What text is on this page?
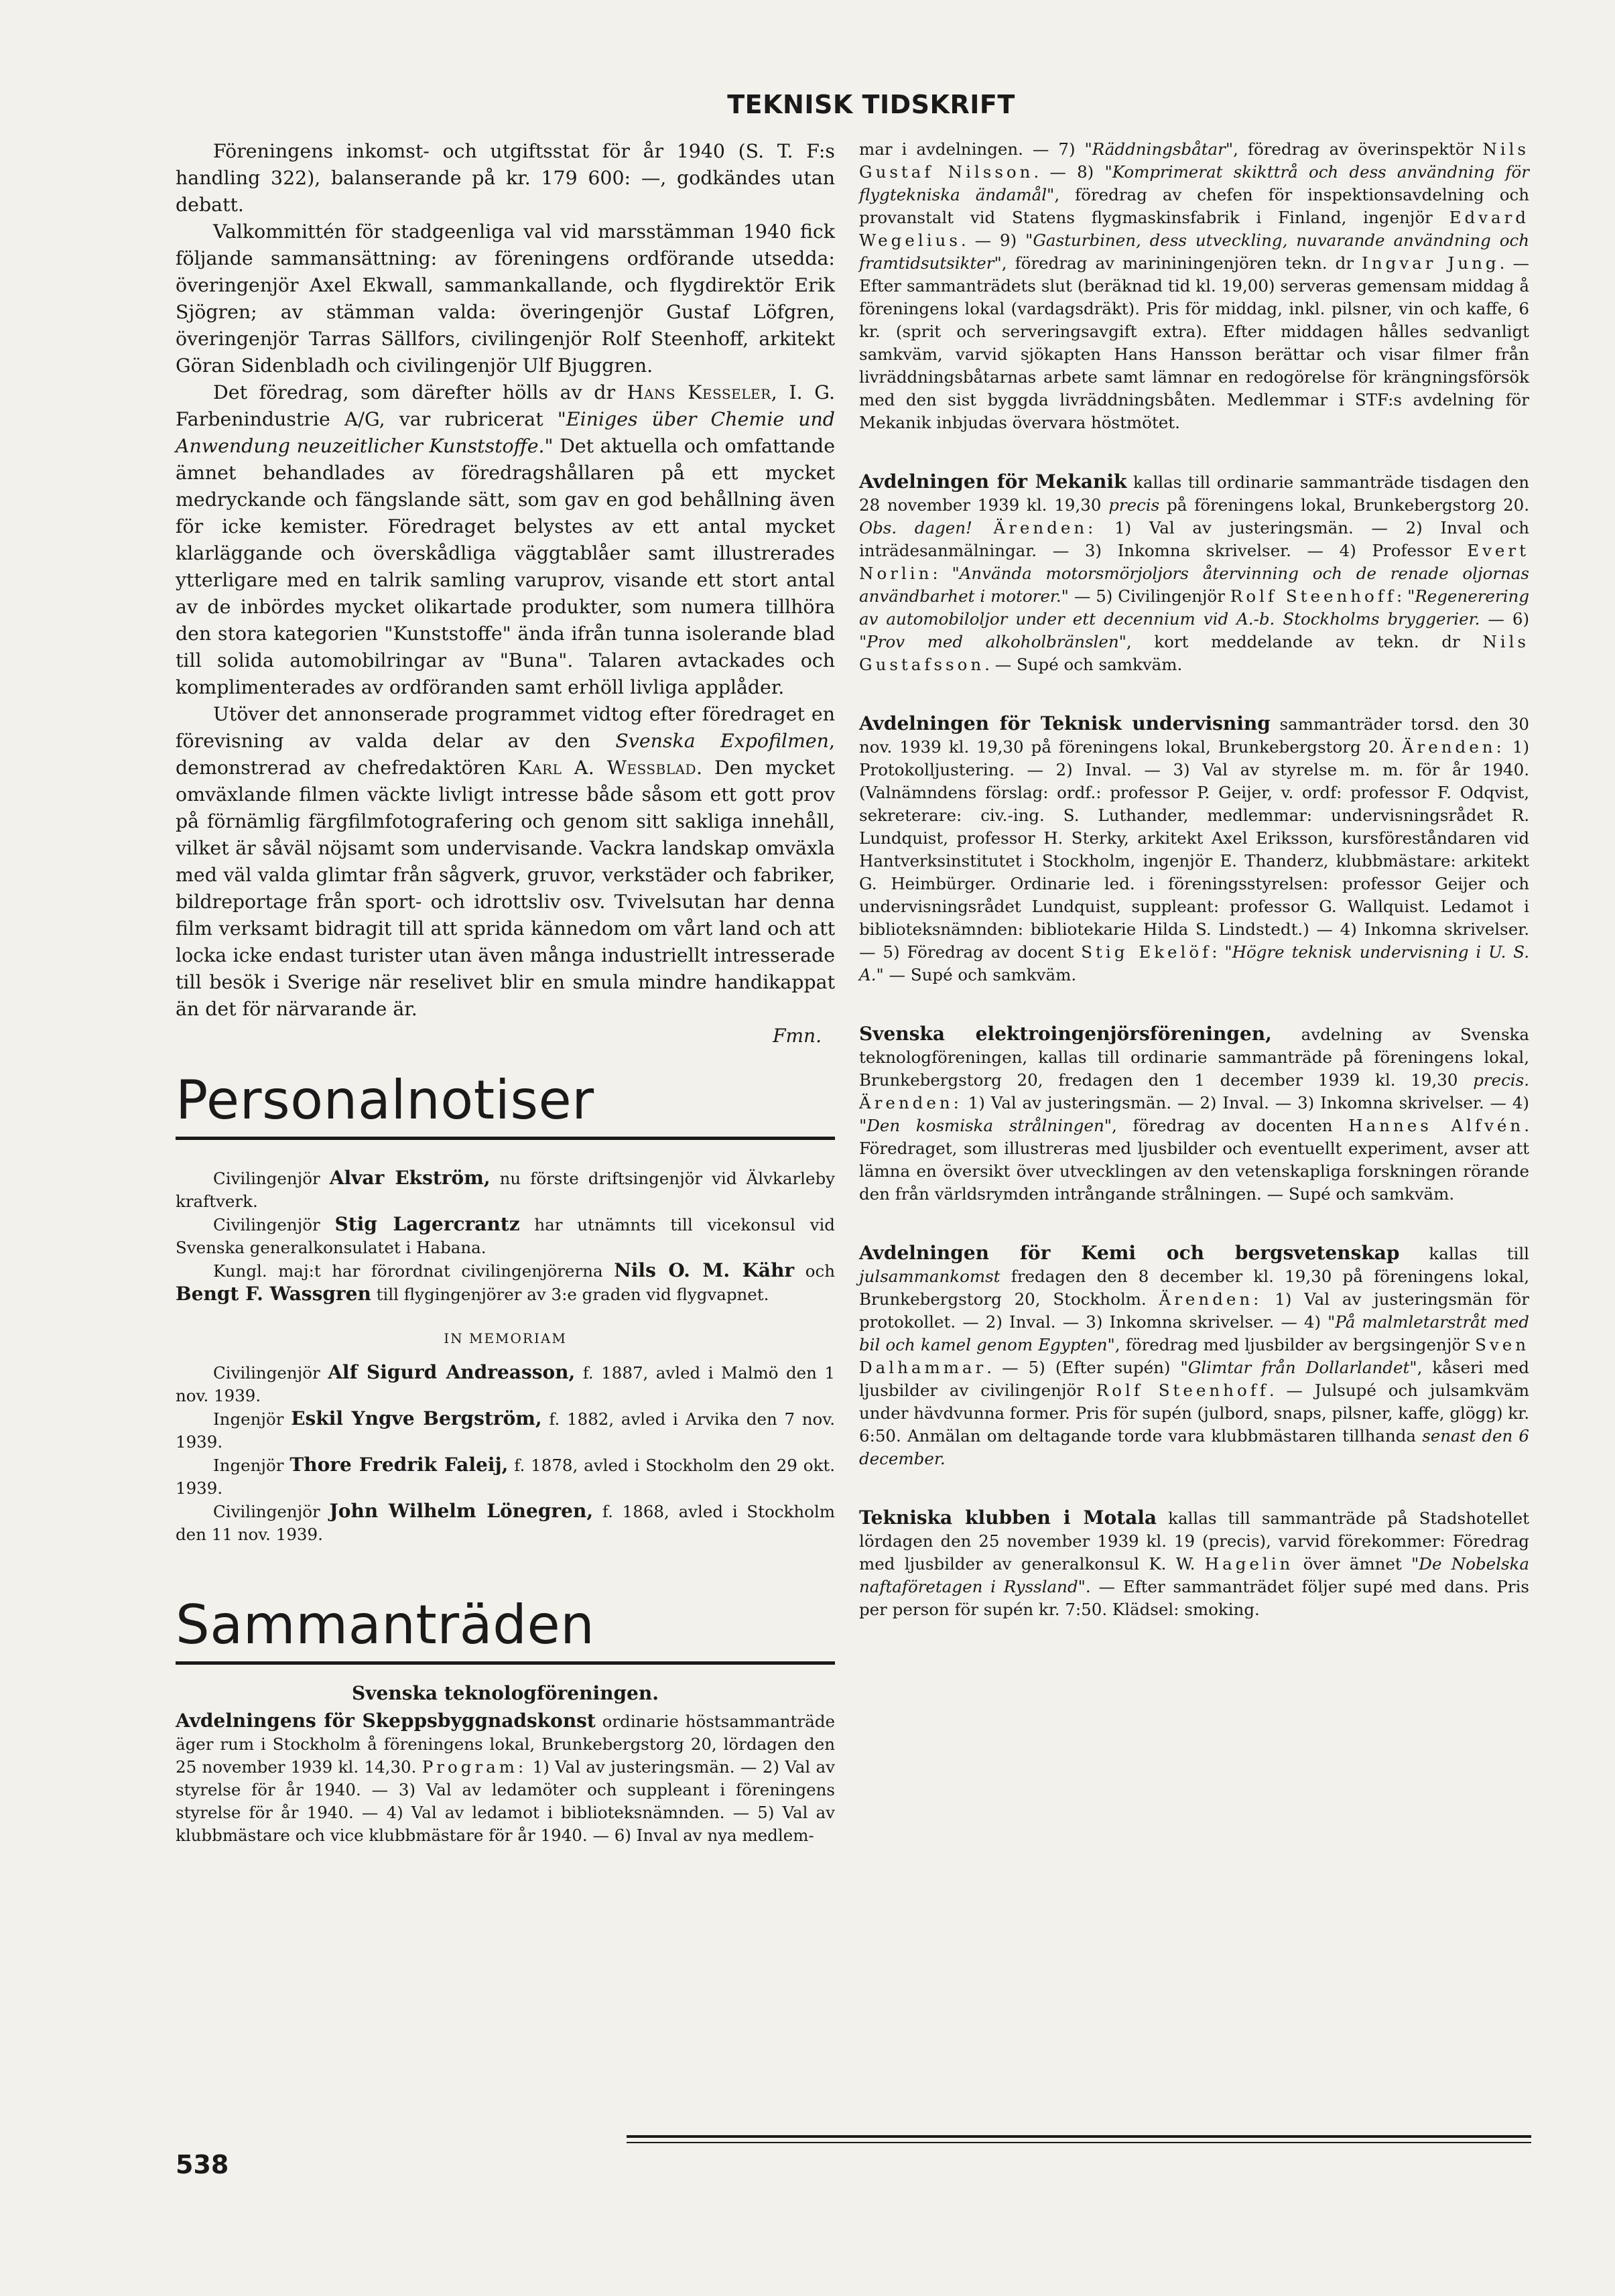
TEKNISK TIDSKRIFT

Föreningens inkomst- och utgiftsstat för år 1940 (S. T. F:s handling 322), balanserande på kr. 179 600: —, godkändes utan debatt.

Valkommittén för stadgeenliga val vid marsstämman 1940 fick följande sammansättning: av föreningens ordförande utsedda: överingenjör Axel Ekwall, sammankallande, och flygdirektör Erik Sjögren; av stämman valda: överingenjör Gustaf Löfgren, överingenjör Tarras Sällfors, civilingenjör Rolf Steenhoff, arkitekt Göran Sidenbladh och civilingenjör Ulf Bjuggren.

Det föredrag, som därefter hölls av dr Hans Kesseler, I. G. Farbenindustrie A/G, var rubricerat "Einiges über Chemie und Anwendung neuzeitlicher Kunststoffe." Det aktuella och omfattande ämnet behandlades av föredragshållaren på ett mycket medryckande och fängslande sätt, som gav en god behållning även för icke kemister. Föredraget belystes av ett antal mycket klarläggande och överskådliga väggtablåer samt illustrerades ytterligare med en talrik samling varuprov, visande ett stort antal av de inbördes mycket olikartade produkter, som numera tillhöra den stora kategorien "Kunststoffe" ända ifrån tunna isolerande blad till solida automobilringar av "Buna". Talaren avtackades och komplimenterades av ordföranden samt erhöll livliga applåder.

Utöver det annonserade programmet vidtog efter föredraget en förevisning av valda delar av den Svenska Expofilmen, demonstrerad av chefredaktören Karl A. Wessblad. Den mycket omväxlande filmen väckte livligt intresse både såsom ett gott prov på förnämlig färgfilmfotografering och genom sitt sakliga innehåll, vilket är såväl nöjsamt som undervisande. Vackra landskap omväxla med väl valda glimtar från sågverk, gruvor, verkstäder och fabriker, bildreportage från sport- och idrottsliv osv. Tvivelsutan har denna film verksamt bidragit till att sprida kännedom om vårt land och att locka icke endast turister utan även många industriellt intresserade till besök i Sverige när reselivet blir en smula mindre handikappat än det för närvarande är.

Fmn.

Personalnotiser

Civilingenjör Alvar Ekström, nu förste driftsingenjör vid Älvkarleby kraftverk.

Civilingenjör Stig Lagercrantz har utnämnts till vicekonsul vid Svenska generalkonsulatet i Habana.

Kungl. maj:t har förordnat civilingenjörerna Nils O. M. Kähr och Bengt F. Wassgren till flygingenjörer av 3:e graden vid flygvapnet.

IN MEMORIAM

Civilingenjör Alf Sigurd Andreasson, f. 1887, avled i Malmö den 1 nov. 1939.

Ingenjör Eskil Yngve Bergström, f. 1882, avled i Arvika den 7 nov. 1939.

Ingenjör Thore Fredrik Faleij, f. 1878, avled i Stockholm den 29 okt. 1939.

Civilingenjör John Wilhelm Lönegren, f. 1868, avled i Stockholm den 11 nov. 1939.

Sammanträden
Svenska teknologföreningen.

Avdelningens för Skeppsbyggnadskonst ordinarie höstsammanträde äger rum i Stockholm å föreningens lokal, Brunkebergstorg 20, lördagen den 25 november 1939 kl. 14,30. Program: 1) Val av justeringsmän. — 2) Val av styrelse för år 1940. — 3) Val av ledamöter och suppleant i föreningens styrelse för år 1940. — 4) Val av ledamot i biblioteksnämnden. — 5) Val av klubbmästare och vice klubbmästare för år 1940. — 6) Inval av nya medlem-

mar i avdelningen. — 7) "Räddningsbåtar", föredrag av överinspektör Nils Gustaf Nilsson. — 8) "Komprimerat skikttrå och dess användning för flygtekniska ändamål", föredrag av chefen för inspektionsavdelning och provanstalt vid Statens flygmaskinsfabrik i Finland, ingenjör Edvard Wegelius. — 9) "Gasturbinen, dess utveckling, nuvarande användning och framtidsutsikter", föredrag av marininingenjören tekn. dr Ingvar Jung. — Efter sammanträdets slut (beräknad tid kl. 19,00) serveras gemensam middag å föreningens lokal (vardagsdräkt). Pris för middag, inkl. pilsner, vin och kaffe, 6 kr. (sprit och serveringsavgift extra). Efter middagen hålles sedvanligt samkväm, varvid sjökapten Hans Hansson berättar och visar filmer från livräddningsbåtarnas arbete samt lämnar en redogörelse för krängningsförsök med den sist byggda livräddningsbåten. Medlemmar i STF:s avdelning för Mekanik inbjudas övervara höstmötet.

Avdelningen för Mekanik kallas till ordinarie sammanträde tisdagen den 28 november 1939 kl. 19,30 precis på föreningens lokal, Brunkebergstorg 20. Obs. dagen! Ärenden: 1) Val av justeringsmän. — 2) Inval och inträdesanmälningar. — 3) Inkomna skrivelser. — 4) Professor Evert Norlin: "Använda motorsmörjoljors återvinning och de renade oljornas användbarhet i motorer." — 5) Civilingenjör Rolf Steenhoff: "Regenerering av automobiloljor under ett decennium vid A.-b. Stockholms bryggerier. — 6) "Prov med alkoholbränslen", kort meddelande av tekn. dr Nils Gustafsson. — Supé och samkväm.

Avdelningen för Teknisk undervisning sammanträder torsd. den 30 nov. 1939 kl. 19,30 på föreningens lokal, Brunkebergstorg 20. Ärenden: 1) Protokolljustering. — 2) Inval. — 3) Val av styrelse m. m. för år 1940. (Valnämndens förslag: ordf.: professor P. Geijer, v. ordf: professor F. Odqvist, sekreterare: civ.-ing. S. Luthander, medlemmar: undervisningsrådet R. Lundquist, professor H. Sterky, arkitekt Axel Eriksson, kursföreståndaren vid Hantverksinstitutet i Stockholm, ingenjör E. Thanderz, klubbmästare: arkitekt G. Heimbürger. Ordinarie led. i föreningsstyrelsen: professor Geijer och undervisningsrådet Lundquist, suppleant: professor G. Wallquist. Ledamot i biblioteksnämnden: bibliotekarie Hilda S. Lindstedt.) — 4) Inkomna skrivelser. — 5) Föredrag av docent Stig Ekelöf: "Högre teknisk undervisning i U. S. A." — Supé och samkväm.

Svenska elektroingenjörsföreningen, avdelning av Svenska teknologföreningen, kallas till ordinarie sammanträde på föreningens lokal, Brunkebergstorg 20, fredagen den 1 december 1939 kl. 19,30 precis. Ärenden: 1) Val av justeringsmän. — 2) Inval. — 3) Inkomna skrivelser. — 4) "Den kosmiska strålningen", föredrag av docenten Hannes Alfvén. Föredraget, som illustreras med ljusbilder och eventuellt experiment, avser att lämna en översikt över utvecklingen av den vetenskapliga forskningen rörande den från världsrymden intrångande strålningen. — Supé och samkväm.

Avdelningen för Kemi och bergsvetenskap kallas till julsammankomst fredagen den 8 december kl. 19,30 på föreningens lokal, Brunkebergstorg 20, Stockholm. Ärenden: 1) Val av justeringsmän för protokollet. — 2) Inval. — 3) Inkomna skrivelser. — 4) "På malmletarstråt med bil och kamel genom Egypten", föredrag med ljusbilder av bergsingenjör Sven Dalhammar. — 5) (Efter supén) "Glimtar från Dollarlandet", kåseri med ljusbilder av civilingenjör Rolf Steenhoff. — Julsupé och julsamkväm under hävdvunna former. Pris för supén (julbord, snaps, pilsner, kaffe, glögg) kr. 6:50. Anmälan om deltagande torde vara klubbmästaren tillhanda senast den 6 december.

Tekniska klubben i Motala kallas till sammanträde på Stadshotellet lördagen den 25 november 1939 kl. 19 (precis), varvid förekommer: Föredrag med ljusbilder av generalkonsul K. W. Hagelin över ämnet "De Nobelska naftaföretagen i Ryssland". — Efter sammanträdet följer supé med dans. Pris per person för supén kr. 7:50. Klädsel: smoking.

538
